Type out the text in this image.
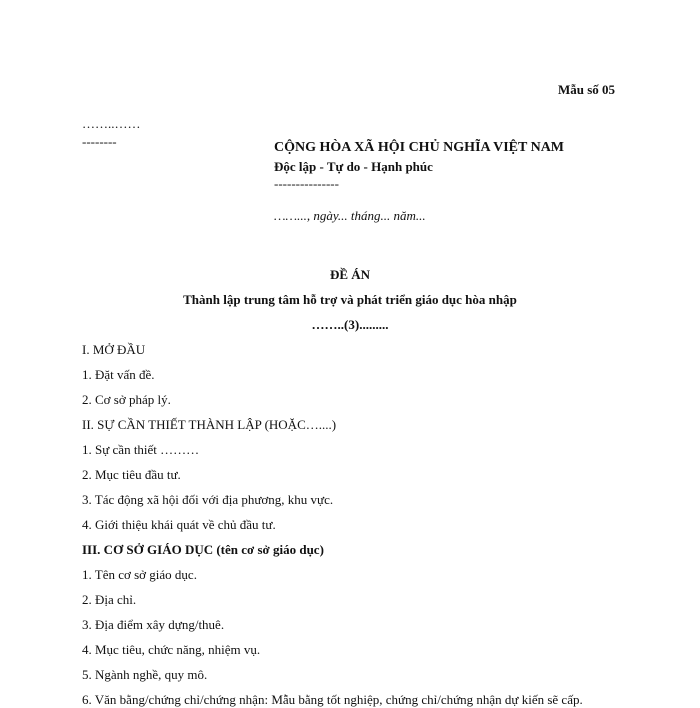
Mẫu số 05
……..……
--------	CỘNG HÒA XÃ HỘI CHỦ NGHĨA VIỆT NAM
Độc lập - Tự do - Hạnh phúc
---------------
……..., ngày... tháng... năm...
ĐỀ ÁN
Thành lập trung tâm hỗ trợ và phát triển giáo dục hòa nhập
……..(3).........
I. MỞ ĐẦU
1. Đặt vấn đề.
2. Cơ sở pháp lý.
II. SỰ CẦN THIẾT THÀNH LẬP (HOẶC…....)
1. Sự cần thiết ………
2. Mục tiêu đầu tư.
3. Tác động xã hội đối với địa phương, khu vực.
4. Giới thiệu khái quát về chủ đầu tư.
III. CƠ SỞ GIÁO DỤC (tên cơ sở giáo dục)
1. Tên cơ sở giáo dục.
2. Địa chỉ.
3. Địa điểm xây dựng/thuê.
4. Mục tiêu, chức năng, nhiệm vụ.
5. Ngành nghề, quy mô.
6. Văn bằng/chứng chỉ/chứng nhận: Mẫu bằng tốt nghiệp, chứng chỉ/chứng nhận dự kiến sẽ cấp.
